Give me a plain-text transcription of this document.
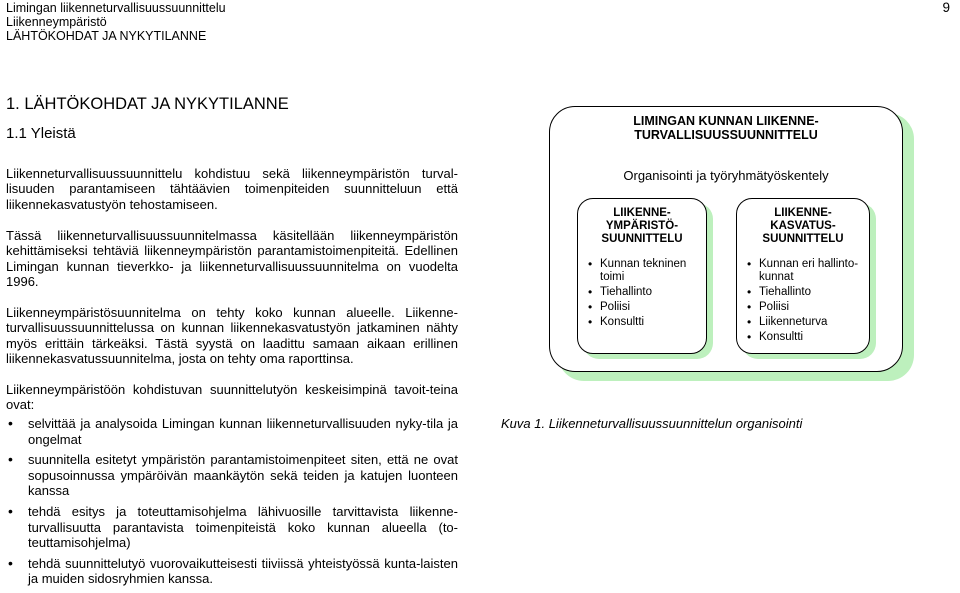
Limingan liikenneturvallisuussuunnittelu
Liikenneympäristö
LÄHTÖKOHDAT JA NYKYTILANNE
9
1. LÄHTÖKOHDAT JA NYKYTILANNE
1.1 Yleistä

Liikenneturvallisuussuunnittelu kohdistuu sekä liikenneympäristön turval-lisuuden parantamiseen tähtäävien toimenpiteiden suunnitteluun että liikennekasvatustyön tehostamiseen.

Tässä liikenneturvallisuussuunnitelmassa käsitellään liikenneympäristön kehittämiseksi tehtäviä liikenneympäristön parantamistoimenpiteitä. Edellinen Limingan kunnan tieverkko- ja liikenneturvallisuussuunnitelma on vuodelta 1996.

Liikenneympäristösuunnitelma on tehty koko kunnan alueelle. Liikenne-turvallisuussuunnittelussa on kunnan liikennekasvatustyön jatkaminen nähty myös erittäin tärkeäksi. Tästä syystä on laadittu samaan aikaan erillinen liikennekasvatussuunnitelma, josta on tehty oma raporttinsa.

Liikenneympäristöön kohdistuvan suunnittelutyön keskeisimpinä tavoit-teina ovat:

• selvittää ja analysoida Limingan kunnan liikenneturvallisuuden nyky-tila ja ongelmat
• suunnitella esitetyt ympäristön parantamistoimenpiteet siten, että ne ovat sopusoinnussa ympäröivän maankäytön sekä teiden ja katujen luonteen kanssa
• tehdä esitys ja toteuttamisohjelma lähivuosille tarvittavista liikenne-turvallisuutta parantavista toimenpiteistä koko kunnan alueella (to-teuttamisohjelma)
• tehdä suunnittelutyö vuorovaikutteisesti tiiviissä yhteistyössä kunta-laisten ja muiden sidosryhmien kanssa.
LIMINGAN KUNNAN LIIKENNE-
TURVALLISUUSSUUNNITTELU
Organisointi ja työryhmätyöskentely
LIIKENNE-
YMPÄRISTÖ-
SUUNNITTELU
• Kunnan tekninen toimi
• Tiehallinto
• Poliisi
• Konsultti
LIIKENNE-
KASVATUS-
SUUNNITTELU
• Kunnan eri hallinto-kunnat
• Tiehallinto
• Poliisi
• Liikenneturva
• Konsultti
Kuva 1. Liikenneturvallisuussuunnittelun organisointi
